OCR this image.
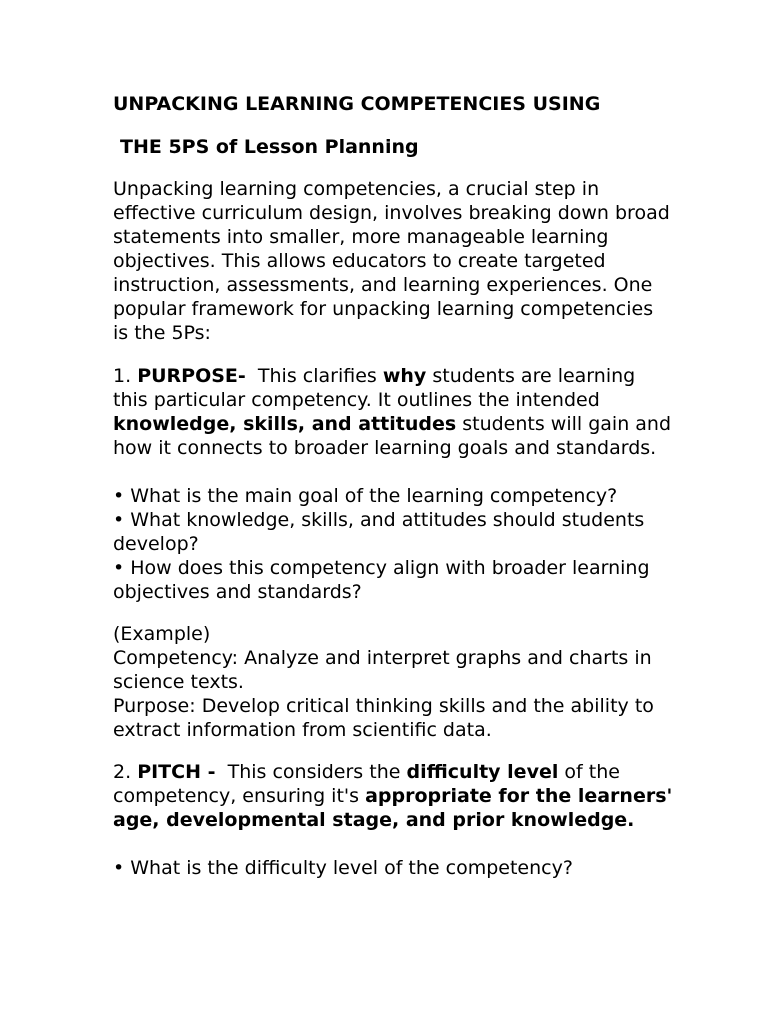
UNPACKING LEARNING COMPETENCIES USING
THE 5PS of Lesson Planning

Unpacking learning competencies, a crucial step in effective curriculum design, involves breaking down broad statements into smaller, more manageable learning objectives. This allows educators to create targeted instruction, assessments, and learning experiences. One popular framework for unpacking learning competencies is the 5Ps:

1. PURPOSE- This clarifies why students are learning this particular competency. It outlines the intended knowledge, skills, and attitudes students will gain and how it connects to broader learning goals and standards.
• What is the main goal of the learning competency?
• What knowledge, skills, and attitudes should students develop?
• How does this competency align with broader learning objectives and standards?
(Example)
Competency: Analyze and interpret graphs and charts in science texts.
Purpose: Develop critical thinking skills and the ability to extract information from scientific data.
2. PITCH - This considers the difficulty level of the competency, ensuring it's appropriate for the learners' age, developmental stage, and prior knowledge.
• What is the difficulty level of the competency?
